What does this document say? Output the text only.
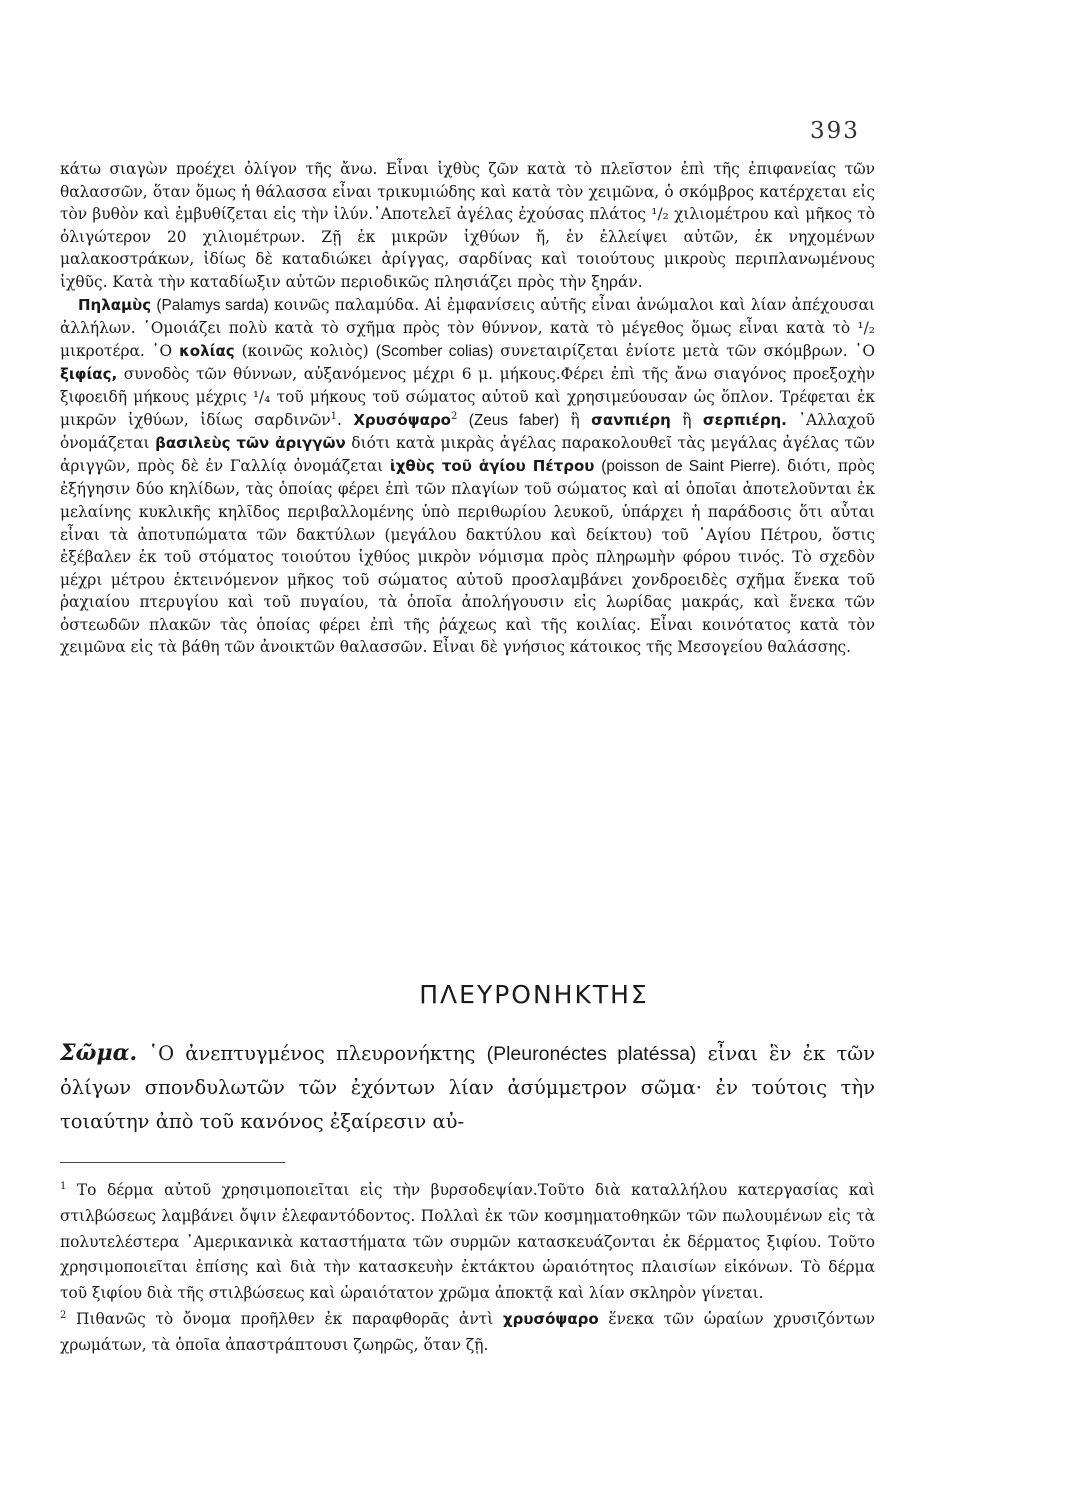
393

κάτω σιαγὼν προέχει ὀλίγον τῆς ἄνω. Εἶναι ἰχθὺς ζῶν κατὰ τὸ πλεῖστον ἐπὶ τῆς ἐπιφανείας τῶν θαλασσῶν, ὅταν ὅμως ἡ θάλασσα εἶναι τρικυμιώδης καὶ κατὰ τὸν χειμῶνα, ὁ σκόμβρος κατέρχεται εἰς τὸν βυθὸν καὶ ἐμβυθίζεται εἰς τὴν ἰλύν.᾿Αποτελεῖ ἀγέλας ἐχούσας πλάτος ¹/₂ χιλιομέτρου καὶ μῆκος τὸ ὀλιγώτερον 20 χιλιομέτρων. Ζῇ ἐκ μικρῶν ἰχθύων ἤ, ἐν ἐλλείψει αὐτῶν, ἐκ νηχομένων μαλακοστράκων, ἰδίως δὲ καταδιώκει ἀρίγγας, σαρδίνας καὶ τοιούτους μικροὺς περιπλανωμένους ἰχθῦς. Κατὰ τὴν καταδίωξιν αὐτῶν περιοδικῶς πλησιάζει πρὸς τὴν ξηράν.

Πηλαμὺς (Palamys sarda) κοινῶς παλαμύδα. Αἱ ἐμφανίσεις αὐτῆς εἶναι ἀνώμαλοι καὶ λίαν ἀπέχουσαι ἀλλήλων. ῾Ομοιάζει πολὺ κατὰ τὸ σχῆμα πρὸς τὸν θύννον, κατὰ τὸ μέγεθος ὅμως εἶναι κατὰ τὸ ¹/₂ μικροτέρα. ῾Ο κολίας (κοινῶς κολιὸς) (Scomber colias) συνεταιρίζεται ἐνίοτε μετὰ τῶν σκόμβρων. ῾Ο ξιφίας, συνοδὸς τῶν θύννων, αὐξανόμενος μέχρι 6 μ. μήκους.Φέρει ἐπὶ τῆς ἄνω σιαγόνος προεξοχὴν ξιφοειδῆ μήκους μέχρις ¹/₄ τοῦ μήκους τοῦ σώματος αὐτοῦ καὶ χρησιμεύουσαν ὡς ὅπλον. Τρέφεται ἐκ μικρῶν ἰχθύων, ἰδίως σαρδινῶν$^1$. Χρυσόψαρο$^2$ (Zeus faber) ἢ σανπιέρη ἢ σερπιέρη. ᾿Αλλαχοῦ ὀνομάζεται βασιλεὺς τῶν ἀριγγῶν διότι κατὰ μικρὰς ἀγέλας παρακολουθεῖ τὰς μεγάλας ἀγέλας τῶν ἀριγγῶν, πρὸς δὲ ἐν Γαλλίᾳ ὀνομάζεται ἰχθὺς τοῦ ἁγίου Πέτρου (poisson de Saint Pierre). διότι, πρὸς ἐξήγησιν δύο κηλίδων, τὰς ὁποίας φέρει ἐπὶ τῶν πλαγίων τοῦ σώματος καὶ αἱ ὁποῖαι ἀποτελοῦνται ἐκ μελαίνης κυκλικῆς κηλῖδος περιβαλλομένης ὑπὸ περιθωρίου λευκοῦ, ὑπάρχει ἡ παράδοσις ὅτι αὗται εἶναι τὰ ἀποτυπώματα τῶν δακτύλων (μεγάλου δακτύλου καὶ δείκτου) τοῦ ῾Αγίου Πέτρου, ὅστις ἐξέβαλεν ἐκ τοῦ στόματος τοιούτου ἰχθύος μικρὸν νόμισμα πρὸς πληρωμὴν φόρου τινός. Τὸ σχεδὸν μέχρι μέτρου ἐκτεινόμενον μῆκος τοῦ σώματος αὐτοῦ προσλαμβάνει χονδροειδὲς σχῆμα ἕνεκα τοῦ ῥαχιαίου πτερυγίου καὶ τοῦ πυγαίου, τὰ ὁποῖα ἀπολήγουσιν εἰς λωρίδας μακράς, καὶ ἕνεκα τῶν ὀστεωδῶν πλακῶν τὰς ὁποίας φέρει ἐπὶ τῆς ῥάχεως καὶ τῆς κοιλίας. Εἶναι κοινότατος κατὰ τὸν χειμῶνα εἰς τὰ βάθη τῶν ἀνοικτῶν θαλασσῶν. Εἶναι δὲ γνήσιος κάτοικος τῆς Μεσογείου θαλάσσης.

ΠΛΕΥΡΟΝΗΚΤΗΣ

Σῶμα. ῾Ο ἀνεπτυγμένος πλευρονήκτης (Pleuronéctes platéssa) εἶναι ἓν ἐκ τῶν ὀλίγων σπονδυλωτῶν τῶν ἐχόντων λίαν ἀσύμμετρον σῶμα· ἐν τούτοις τὴν τοιαύτην ἀπὸ τοῦ κανόνος ἐξαίρεσιν αὐ-

$^1$ Το δέρμα αὐτοῦ χρησιμοποιεῖται εἰς τὴν βυρσοδεψίαν.Τοῦτο διὰ καταλλήλου κατεργασίας καὶ στιλβώσεως λαμβάνει ὄψιν ἐλεφαντόδοντος. Πολλαὶ ἐκ τῶν κοσμηματοθηκῶν τῶν πωλουμένων εἰς τὰ πολυτελέστερα ᾿Αμερικανικὰ καταστήματα τῶν συρμῶν κατασκευάζονται ἐκ δέρματος ξιφίου. Τοῦτο χρησιμοποιεῖται ἐπίσης καὶ διὰ τὴν κατασκευὴν ἐκτάκτου ὡραιότητος πλαισίων εἰκόνων. Τὸ δέρμα τοῦ ξιφίου διὰ τῆς στιλβώσεως καὶ ὡραιότατον χρῶμα ἀποκτᾷ καὶ λίαν σκληρὸν γίνεται.

$^2$ Πιθανῶς τὸ ὄνομα προῆλθεν ἐκ παραφθορᾶς ἀντὶ χρυσόψαρο ἕνεκα τῶν ὡραίων χρυσιζόντων χρωμάτων, τὰ ὁποῖα ἀπαστράπτουσι ζωηρῶς, ὅταν ζῇ.
